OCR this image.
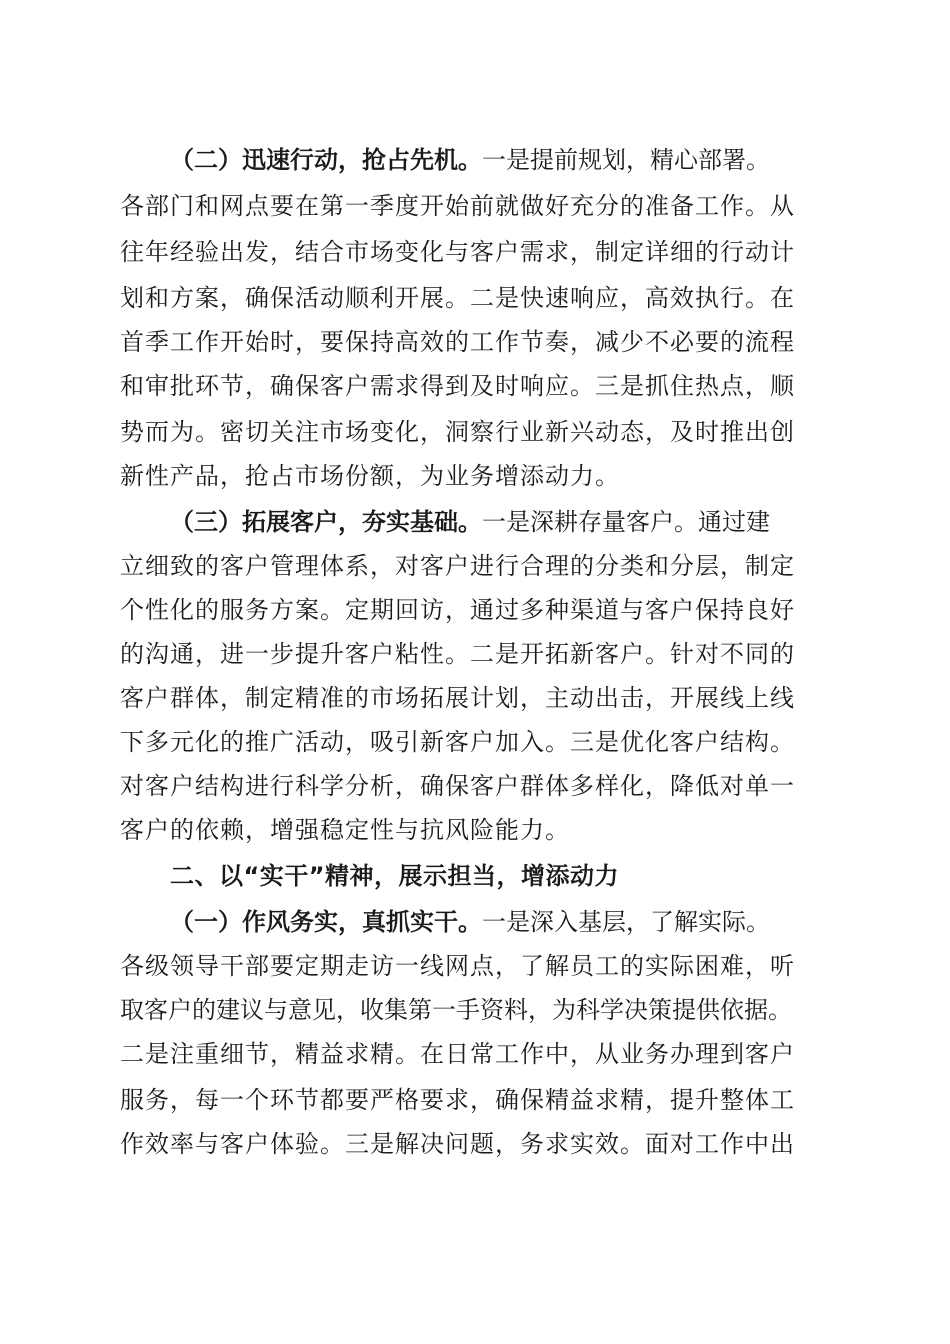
（二）迅速行动，抢占先机。一是提前规划，精心部署。

各部门和网点要在第一季度开始前就做好充分的准备工作。从

往年经验出发，结合市场变化与客户需求，制定详细的行动计

划和方案，确保活动顺利开展。二是快速响应，高效执行。在

首季工作开始时，要保持高效的工作节奏，减少不必要的流程

和审批环节，确保客户需求得到及时响应。三是抓住热点，顺

势而为。密切关注市场变化，洞察行业新兴动态，及时推出创

新性产品，抢占市场份额，为业务增添动力。

（三）拓展客户，夯实基础。一是深耕存量客户。通过建

立细致的客户管理体系，对客户进行合理的分类和分层，制定

个性化的服务方案。定期回访，通过多种渠道与客户保持良好

的沟通，进一步提升客户粘性。二是开拓新客户。针对不同的

客户群体，制定精准的市场拓展计划，主动出击，开展线上线

下多元化的推广活动，吸引新客户加入。三是优化客户结构。

对客户结构进行科学分析，确保客户群体多样化，降低对单一

客户的依赖，增强稳定性与抗风险能力。

二、以“实干”精神，展示担当，增添动力

（一）作风务实，真抓实干。一是深入基层，了解实际。

各级领导干部要定期走访一线网点，了解员工的实际困难，听

取客户的建议与意见，收集第一手资料，为科学决策提供依据。

二是注重细节，精益求精。在日常工作中，从业务办理到客户

服务，每一个环节都要严格要求，确保精益求精，提升整体工

作效率与客户体验。三是解决问题，务求实效。面对工作中出
